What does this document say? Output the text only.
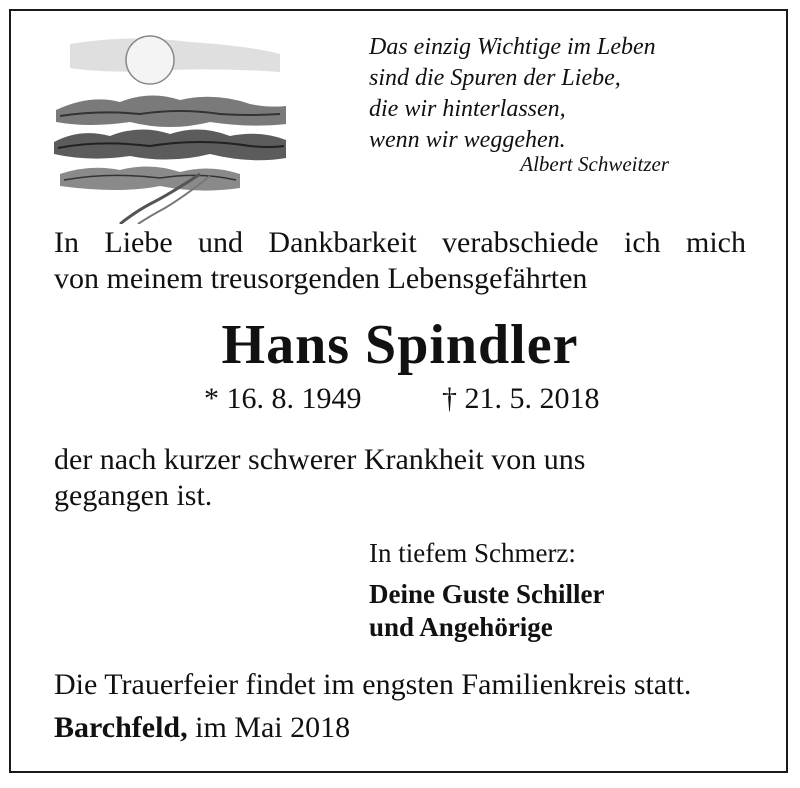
Das einzig Wichtige im Leben
sind die Spuren der Liebe,
die wir hinterlassen,
wenn wir weggehen.
Albert Schweitzer
In Liebe und Dankbarkeit verabschiede ich mich
von meinem treusorgenden Lebensgefährten
Hans Spindler
* 16. 8. 1949	† 21. 5. 2018
der nach kurzer schwerer Krankheit von uns
gegangen ist.
In tiefem Schmerz:
Deine Guste Schiller
und Angehörige
Die Trauerfeier findet im engsten Familienkreis statt.
Barchfeld, im Mai 2018
